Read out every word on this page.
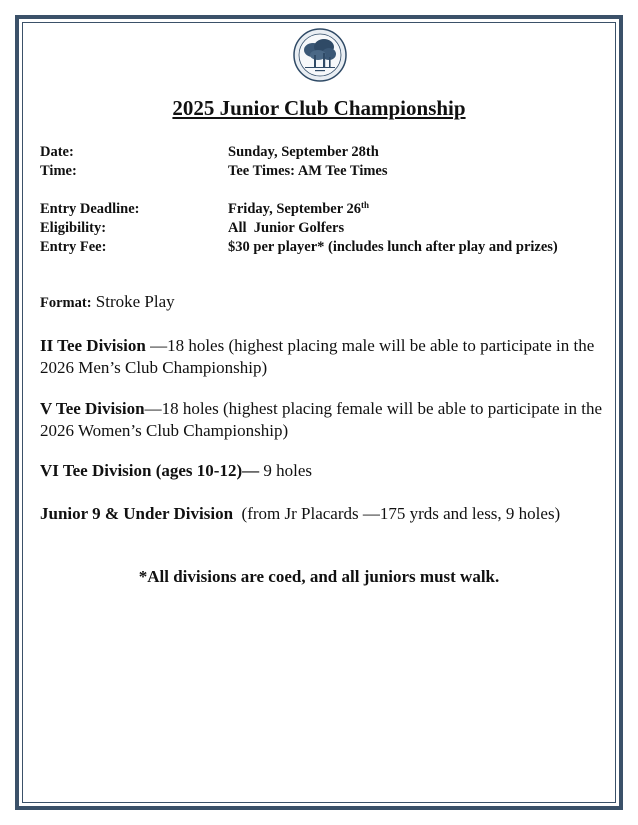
2025 Junior Club Championship
Date:	Sunday, September 28th
Time:	Tee Times: AM Tee Times
Entry Deadline:	Friday, September 26th
Eligibility:	All  Junior Golfers
Entry Fee:	$30 per player* (includes lunch after play and prizes)

Format: Stroke Play

II Tee Division —18 holes (highest placing male will be able to participate in the 2026 Men’s Club Championship)

V Tee Division—18 holes (highest placing female will be able to participate in the 2026 Women’s Club Championship)

VI Tee Division (ages 10-12)— 9 holes

Junior 9 & Under Division  (from Jr Placards —175 yrds and less, 9 holes)

*All divisions are coed, and all juniors must walk.
